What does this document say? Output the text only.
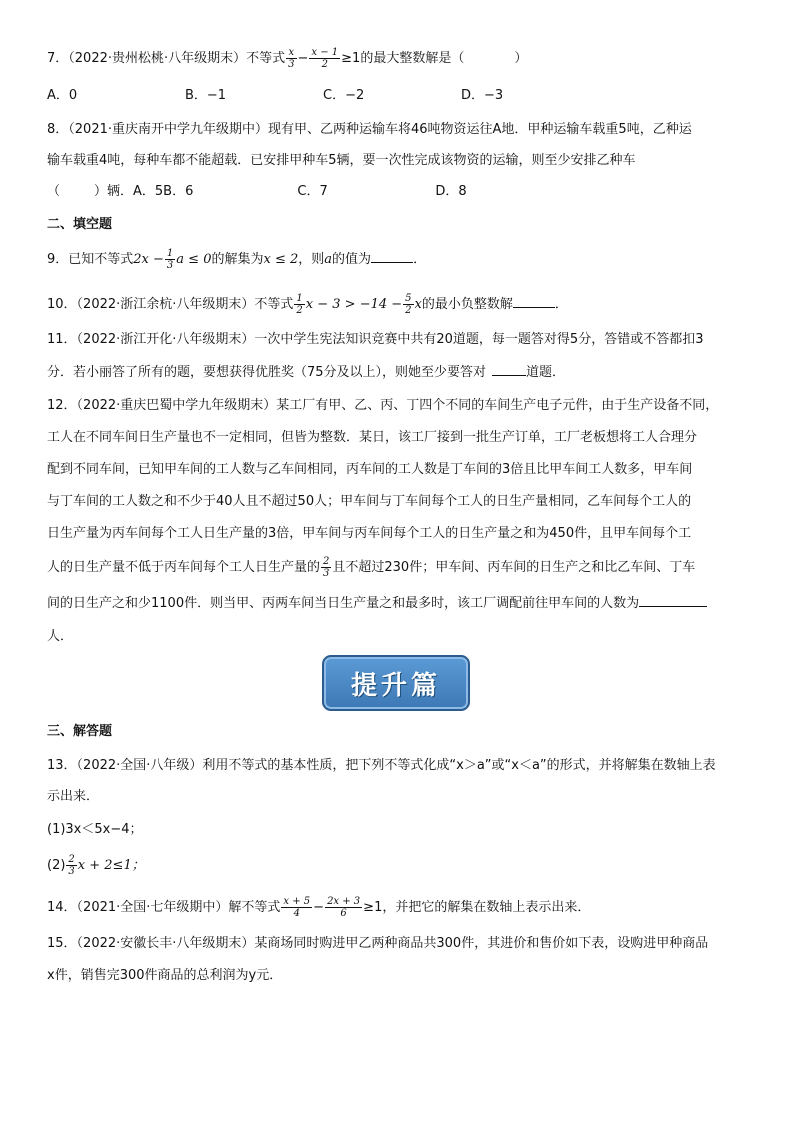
7．（2022·贵州松桃·八年级期末）不等式 $\frac{x}{3} - \frac{x - 1}{2} \ge 1$的最大整数解是（	）
A．0	B．−1	C．−2	D．−3
8．（2021·重庆南开中学九年级期中）现有甲、乙两种运输车将46吨物资运往A地．甲种运输车载重5吨，乙种运
输车载重4吨，每种车都不能超载．已安排甲种车5辆，要一次性完成该物资的运输，则至少安排乙种车
（	）辆．A．5B．6	C．7	D．8
二、填空题
9．已知不等式$2x - \frac{1}{3}$ a ≤ 0的解集为x ≤ 2，则a的值为	．
10．（2022·浙江余杭·八年级期末）不等式 $\frac{1}{2}$ $x - 3 > -14 - \frac{5}{2}$ x的最小负整数解	．
11．（2022·浙江开化·八年级期末）一次中学生宪法知识竞赛中共有20道题，每一题答对得5分，答错或不答都扣3
分．若小丽答了所有的题，要想获得优胜奖（75分及以上），则她至少要答对	道题．
12．（2022·重庆巴蜀中学九年级期末）某工厂有甲、乙、丙、丁四个不同的车间生产电子元件，由于生产设备不同，
工人在不同车间日生产量也不一定相同，但皆为整数．某日，该工厂接到一批生产订单，工厂老板想将工人合理分
配到不同车间，已知甲车间的工人数与乙车间相同，丙车间的工人数是丁车间的3倍且比甲车间工人数多，甲车间
与丁车间的工人数之和不少于40人且不超过50人；甲车间与丁车间每个工人的日生产量相同，乙车间每个工人的
日生产量为丙车间每个工人日生产量的3倍，甲车间与丙车间每个工人的日生产量之和为450件，且甲车间每个工
人的日生产量不低于丙车间每个工人日生产量的 $\frac{2}{3}$ 且不超过230件；甲车间、丙车间的日生产之和比乙车间、丁车
间的日生产之和少1100件．则当甲、丙两车间当日生产量之和最多时，该工厂调配前往甲车间的人数为
人．
提升篇
三、解答题
13．（2022·全国·八年级）利用不等式的基本性质，把下列不等式化成“x＞a”或“x＜a”的形式，并将解集在数轴上表
示出来．
(1)3x＜5x−4；
$(2) \frac{2}{3}$ x + 2≤1；
14．（2021·全国·七年级期中）解不等式 $\frac{x + 5}{4} - \frac{2x + 3}{6} \ge 1$，并把它的解集在数轴上表示出来．
15．（2022·安徽长丰·八年级期末）某商场同时购进甲乙两种商品共300件，其进价和售价如下表，设购进甲种商品
x件，销售完300件商品的总利润为y元．
